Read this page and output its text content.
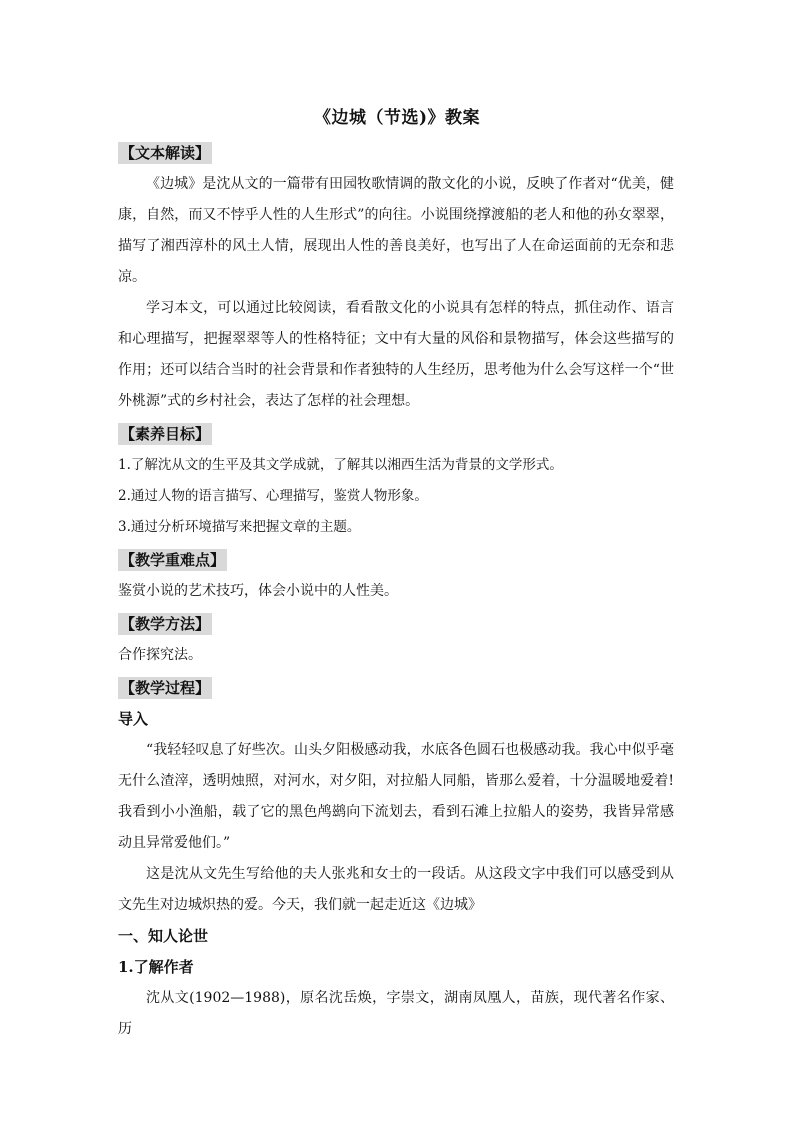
《边城（节选)》教案
【文本解读】

《边城》是沈从文的一篇带有田园牧歌情调的散文化的小说，反映了作者对“优美，健康，自然，而又不悖乎人性的人生形式”的向往。小说围绕撑渡船的老人和他的孙女翠翠，描写了湘西淳朴的风土人情，展现出人性的善良美好，也写出了人在命运面前的无奈和悲凉。

学习本文，可以通过比较阅读，看看散文化的小说具有怎样的特点，抓住动作、语言和心理描写，把握翠翠等人的性格特征；文中有大量的风俗和景物描写，体会这些描写的作用；还可以结合当时的社会背景和作者独特的人生经历，思考他为什么会写这样一个“世外桃源”式的乡村社会，表达了怎样的社会理想。

【素养目标】

1.了解沈从文的生平及其文学成就，了解其以湘西生活为背景的文学形式。

2.通过人物的语言描写、心理描写，鉴赏人物形象。

3.通过分析环境描写来把握文章的主题。

【教学重难点】

鉴赏小说的艺术技巧，体会小说中的人性美。

【教学方法】

合作探究法。

【教学过程】

导入

“我轻轻叹息了好些次。山头夕阳极感动我，水底各色圆石也极感动我。我心中似乎毫无什么渣滓，透明烛照，对河水，对夕阳，对拉船人同船，皆那么爱着，十分温暖地爱着!我看到小小渔船，载了它的黑色鸬鹚向下流划去，看到石滩上拉船人的姿势，我皆异常感动且异常爱他们。”

这是沈从文先生写给他的夫人张兆和女士的一段话。从这段文字中我们可以感受到从文先生对边城炽热的爱。今天，我们就一起走近这《边城》

一、知人论世

1.了解作者

沈从文(1902—1988)，原名沈岳焕，字崇文，湖南凤凰人，苗族，现代著名作家、历
